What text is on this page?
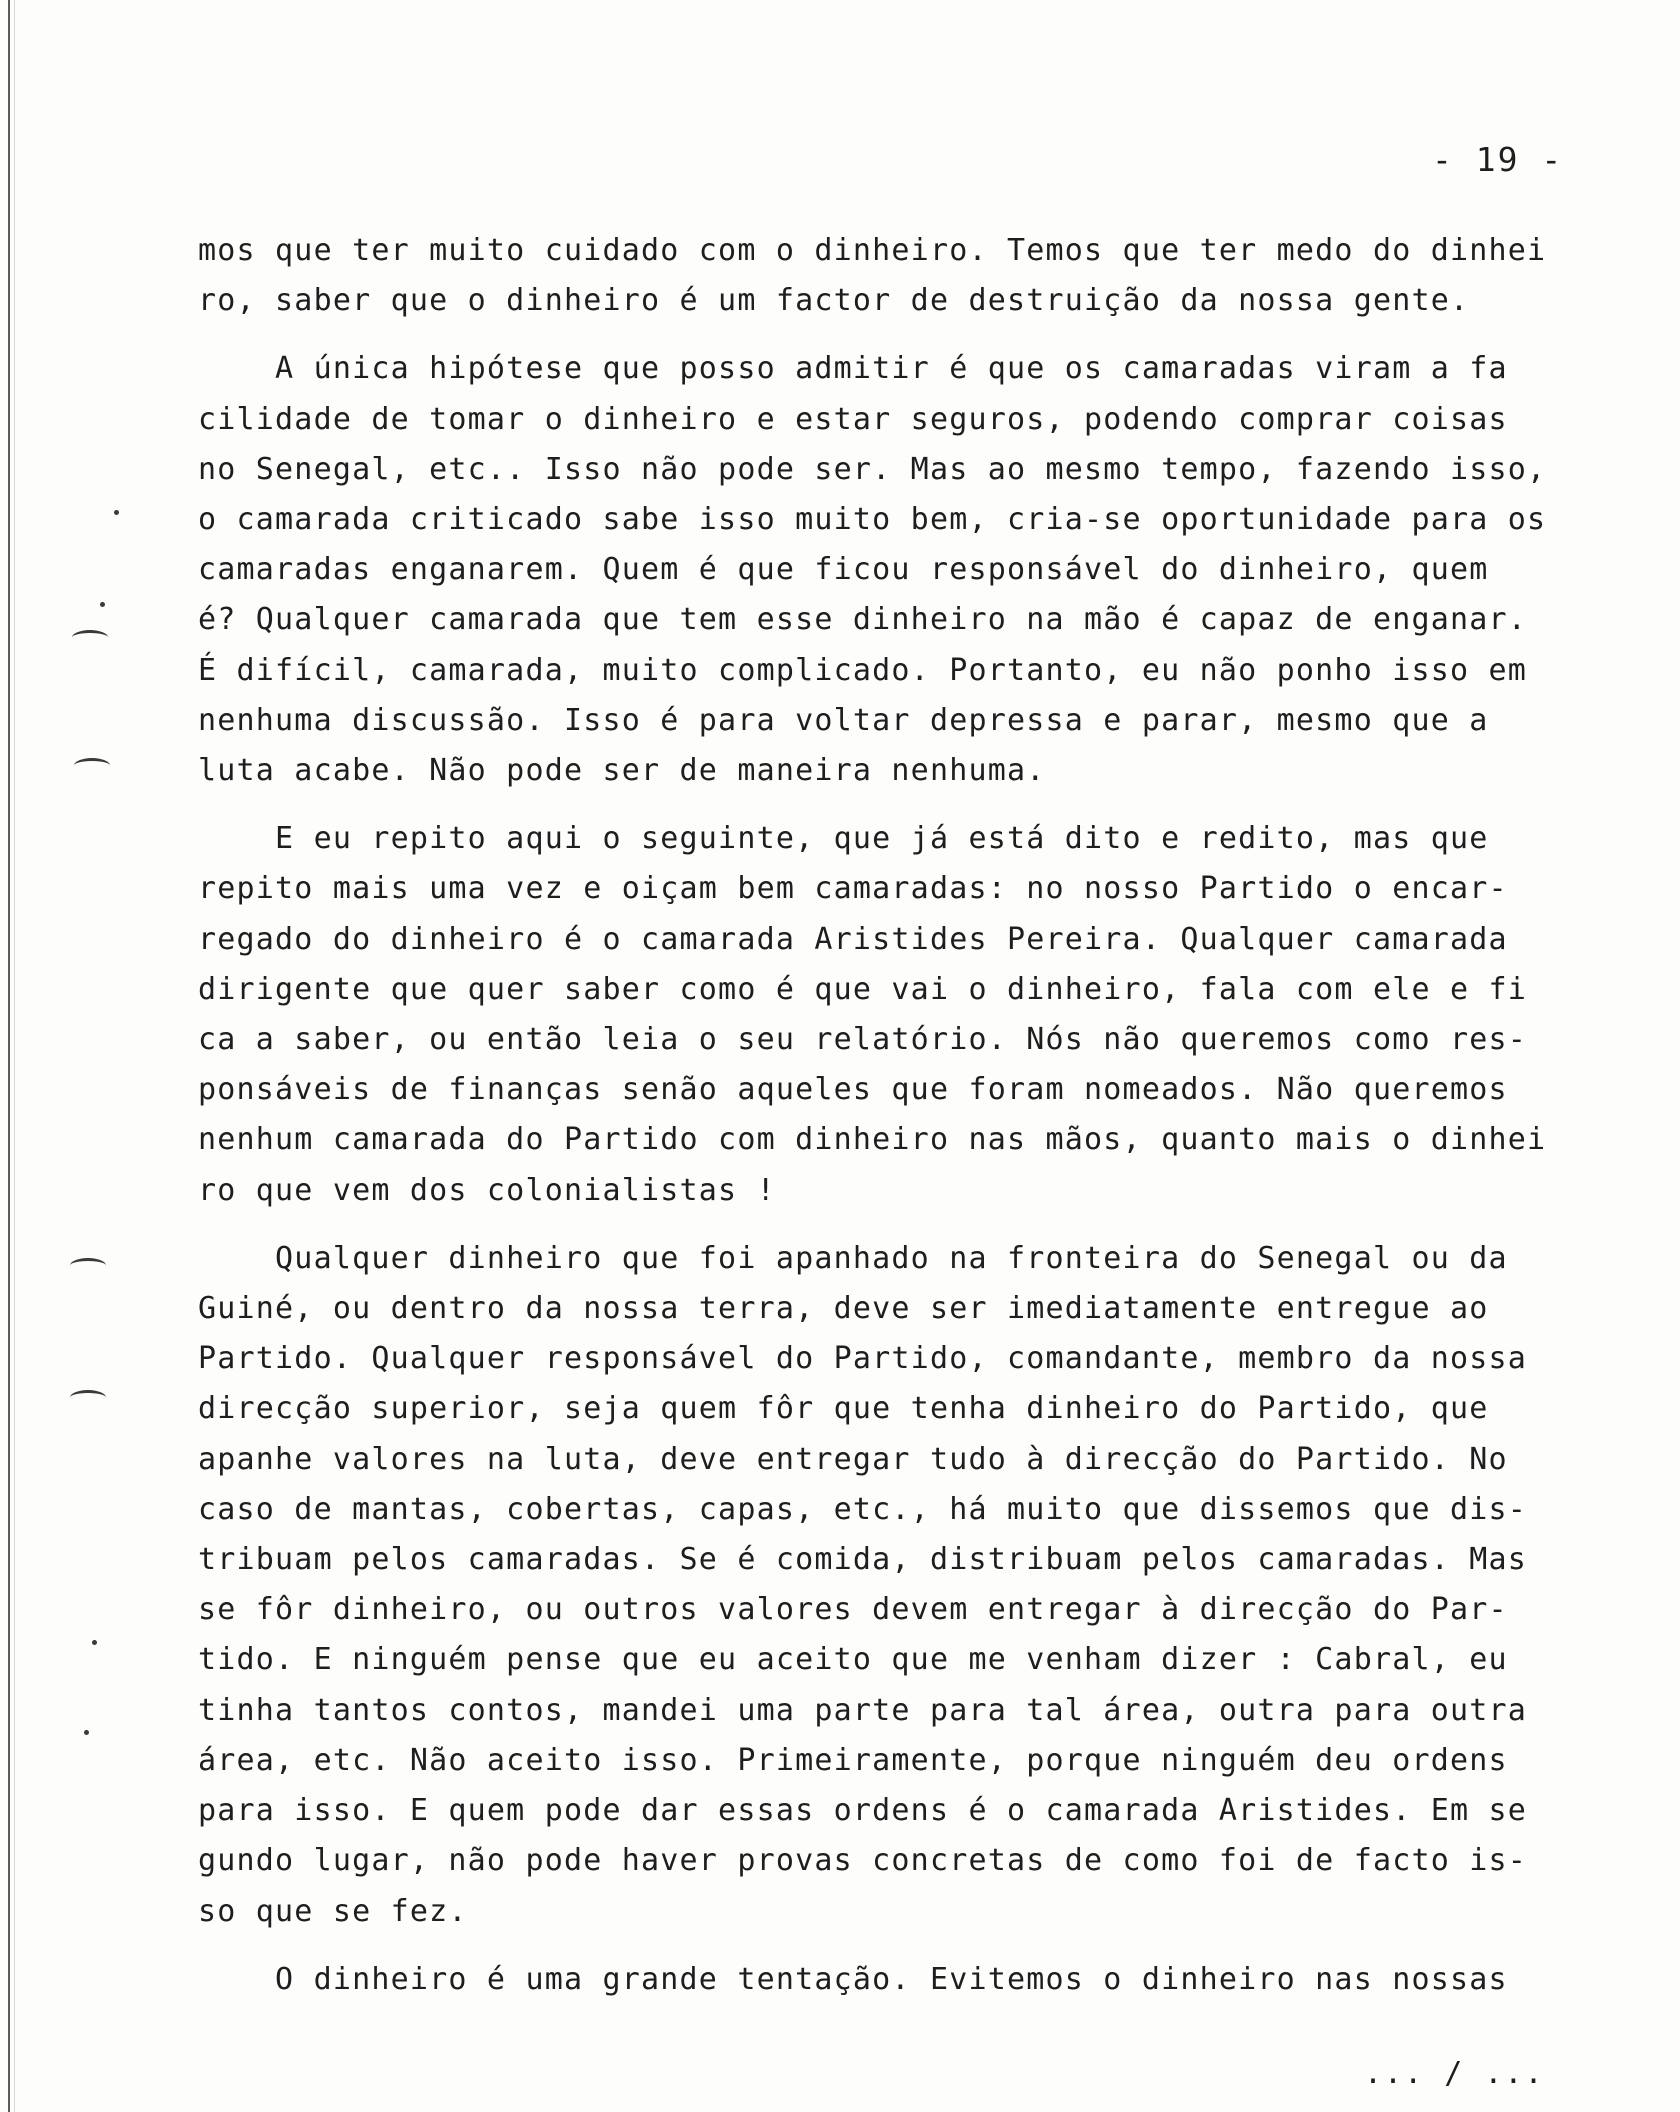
- 19 -

mos que ter muito cuidado com o dinheiro. Temos que ter medo do dinhei
ro, saber que o dinheiro é um factor de destruição da nossa gente.

A única hipótese que posso admitir é que os camaradas viram a fa
cilidade de tomar o dinheiro e estar seguros, podendo comprar coisas
no Senegal, etc.. Isso não pode ser. Mas ao mesmo tempo, fazendo isso,
o camarada criticado sabe isso muito bem, cria-se oportunidade para os
camaradas enganarem. Quem é que ficou responsável do dinheiro, quem
é? Qualquer camarada que tem esse dinheiro na mão é capaz de enganar.
É difícil, camarada, muito complicado. Portanto, eu não ponho isso em
nenhuma discussão. Isso é para voltar depressa e parar, mesmo que a
luta acabe. Não pode ser de maneira nenhuma.

E eu repito aqui o seguinte, que já está dito e redito, mas que
repito mais uma vez e oiçam bem camaradas: no nosso Partido o encar-
regado do dinheiro é o camarada Aristides Pereira. Qualquer camarada
dirigente que quer saber como é que vai o dinheiro, fala com ele e fi
ca a saber, ou então leia o seu relatório. Nós não queremos como res-
ponsáveis de finanças senão aqueles que foram nomeados. Não queremos
nenhum camarada do Partido com dinheiro nas mãos, quanto mais o dinhei
ro que vem dos colonialistas !

Qualquer dinheiro que foi apanhado na fronteira do Senegal ou da
Guiné, ou dentro da nossa terra, deve ser imediatamente entregue ao
Partido. Qualquer responsável do Partido, comandante, membro da nossa
direcção superior, seja quem fôr que tenha dinheiro do Partido, que
apanhe valores na luta, deve entregar tudo à direcção do Partido. No
caso de mantas, cobertas, capas, etc., há muito que dissemos que dis-
tribuam pelos camaradas. Se é comida, distribuam pelos camaradas. Mas
se fôr dinheiro, ou outros valores devem entregar à direcção do Par-
tido. E ninguém pense que eu aceito que me venham dizer : Cabral, eu
tinha tantos contos, mandei uma parte para tal área, outra para outra
área, etc. Não aceito isso. Primeiramente, porque ninguém deu ordens
para isso. E quem pode dar essas ordens é o camarada Aristides. Em se
gundo lugar, não pode haver provas concretas de como foi de facto is-
so que se fez.

O dinheiro é uma grande tentação. Evitemos o dinheiro nas nossas

... / ...
